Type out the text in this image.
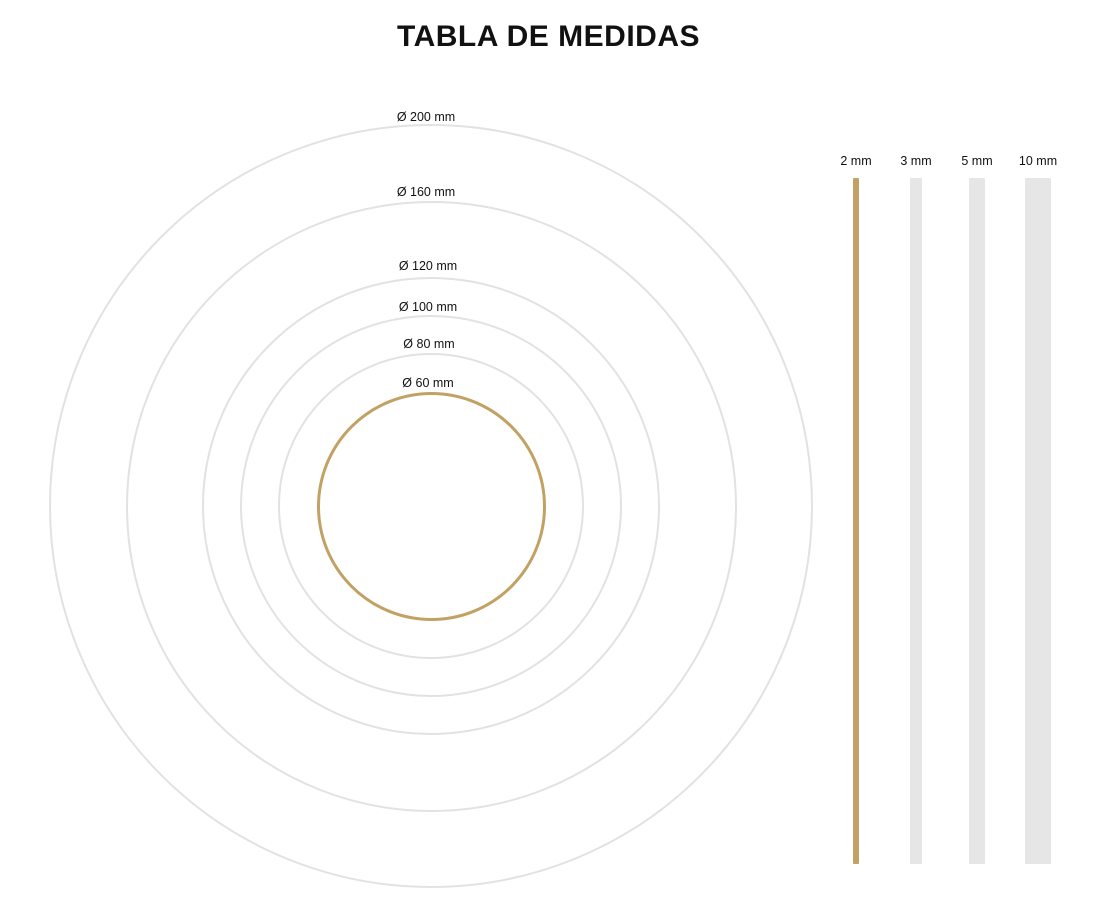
TABLA DE MEDIDAS
Ø 200 mm
Ø 160 mm
Ø 120 mm
Ø 100 mm
Ø 80 mm
Ø 60 mm
2 mm 3 mm 5 mm 10 mm
